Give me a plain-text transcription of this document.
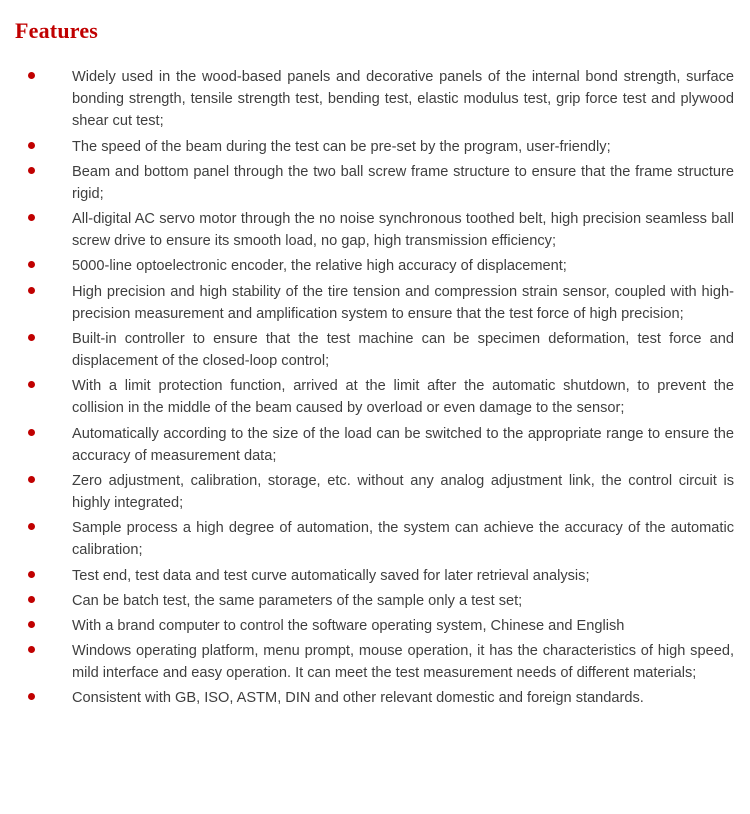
Features
Widely used in the wood-based panels and decorative panels of the internal bond strength, surface bonding strength, tensile strength test, bending test, elastic modulus test, grip force test and plywood shear cut test;
The speed of the beam during the test can be pre-set by the program, user-friendly;
Beam and bottom panel through the two ball screw frame structure to ensure that the frame structure rigid;
All-digital AC servo motor through the no noise synchronous toothed belt, high precision seamless ball screw drive to ensure its smooth load, no gap, high transmission efficiency;
5000-line optoelectronic encoder, the relative high accuracy of displacement;
High precision and high stability of the tire tension and compression strain sensor, coupled with high-precision measurement and amplification system to ensure that the test force of high precision;
Built-in controller to ensure that the test machine can be specimen deformation, test force and displacement of the closed-loop control;
With a limit protection function, arrived at the limit after the automatic shutdown, to prevent the collision in the middle of the beam caused by overload or even damage to the sensor;
Automatically according to the size of the load can be switched to the appropriate range to ensure the accuracy of measurement data;
Zero adjustment, calibration, storage, etc. without any analog adjustment link, the control circuit is highly integrated;
Sample process a high degree of automation, the system can achieve the accuracy of the automatic calibration;
Test end, test data and test curve automatically saved for later retrieval analysis;
Can be batch test, the same parameters of the sample only a test set;
With a brand computer to control the software operating system, Chinese and English
Windows operating platform, menu prompt, mouse operation, it has the characteristics of high speed, mild interface and easy operation. It can meet the test measurement needs of different materials;
Consistent with GB, ISO, ASTM, DIN and other relevant domestic and foreign standards.
